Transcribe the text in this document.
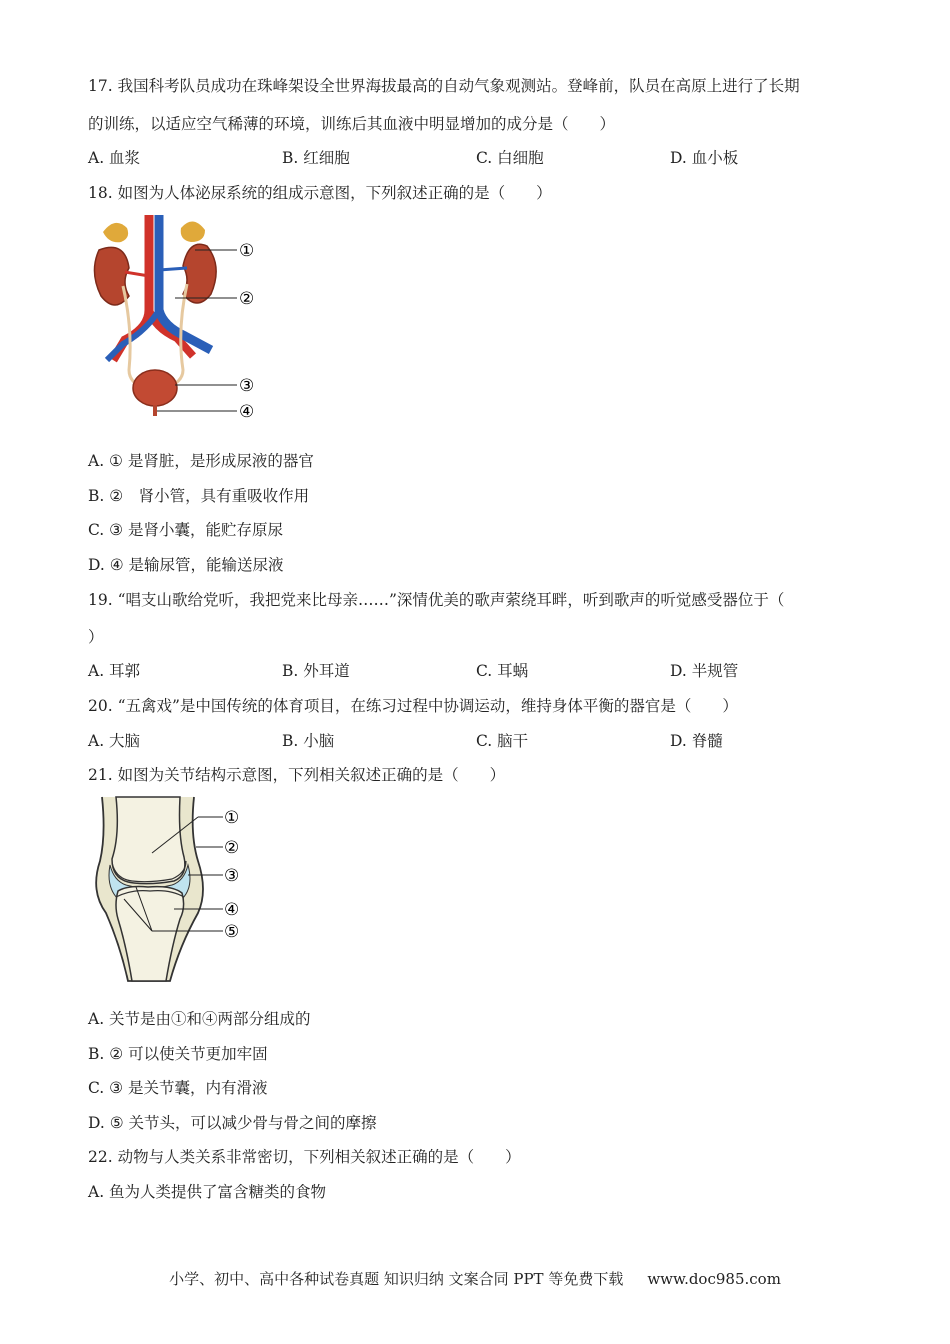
17. 我国科考队员成功在珠峰架设全世界海拔最高的自动气象观测站。登峰前，队员在高原上进行了长期
的训练，以适应空气稀薄的环境，训练后其血液中明显增加的成分是（　　）
A. 血浆	B. 红细胞	C. 白细胞	D. 血小板
18. 如图为人体泌尿系统的组成示意图，下列叙述正确的是（　　）
①
②
③
④
A. ① 是肾脏，是形成尿液的器官
B. ②　肾小管，具有重吸收作用
C. ③ 是肾小囊，能贮存原尿
D. ④ 是输尿管，能输送尿液
19. “唱支山歌给党听，我把党来比母亲……”深情优美的歌声萦绕耳畔，听到歌声的听觉感受器位于（
）
A. 耳郭	B. 外耳道	C. 耳蜗	D. 半规管
20. “五禽戏”是中国传统的体育项目，在练习过程中协调运动，维持身体平衡的器官是（　　）
A. 大脑	B. 小脑	C. 脑干	D. 脊髓
21. 如图为关节结构示意图，下列相关叙述正确的是（　　）
①
②
③
④
⑤
A. 关节是由①和④两部分组成的
B. ② 可以使关节更加牢固
C. ③ 是关节囊，内有滑液
D. ⑤ 关节头，可以减少骨与骨之间的摩擦
22. 动物与人类关系非常密切，下列相关叙述正确的是（　　）
A. 鱼为人类提供了富含糖类的食物
小学、初中、高中各种试卷真题 知识归纳 文案合同 PPT 等免费下载 www.doc985.com
